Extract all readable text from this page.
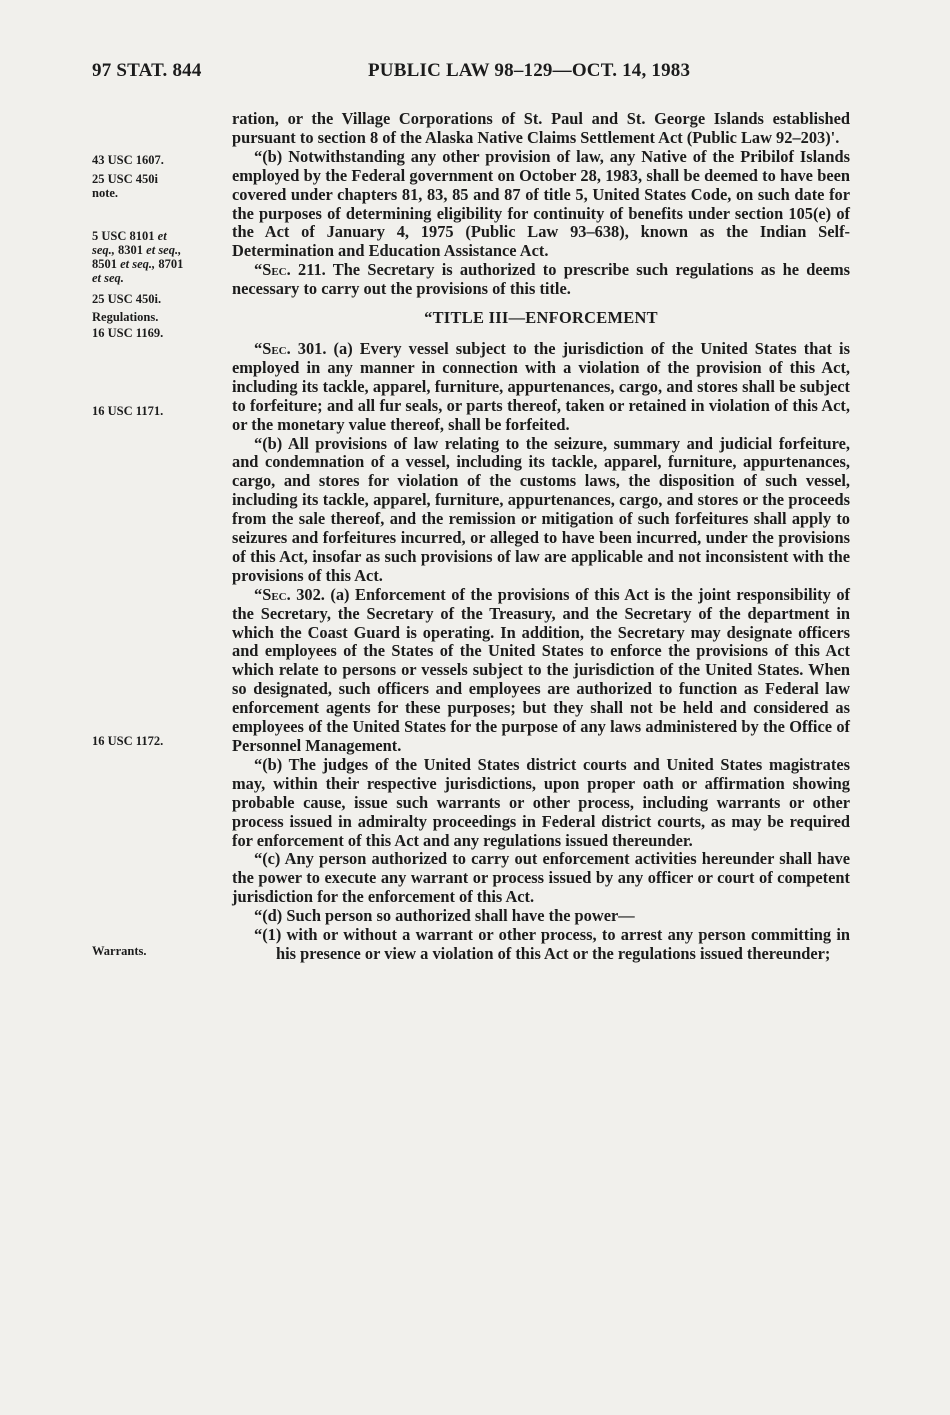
97 STAT. 844	PUBLIC LAW 98–129—OCT. 14, 1983
43 USC 1607.
25 USC 450i
note.
5 USC 8101 et
seq., 8301 et seq.,
8501 et seq., 8701
et seq.
25 USC 450i.
Regulations.
16 USC 1169.
16 USC 1171.
16 USC 1172.
Warrants.

ration, or the Village Corporations of St. Paul and St. George Islands established pursuant to section 8 of the Alaska Native Claims Settlement Act (Public Law 92–203)'.

“(b) Notwithstanding any other provision of law, any Native of the Pribilof Islands employed by the Federal government on October 28, 1983, shall be deemed to have been covered under chapters 81, 83, 85 and 87 of title 5, United States Code, on such date for the purposes of determining eligibility for continuity of benefits under section 105(e) of the Act of January 4, 1975 (Public Law 93–638), known as the Indian Self-Determination and Education Assistance Act.

“Sec. 211. The Secretary is authorized to prescribe such regulations as he deems necessary to carry out the provisions of this title.

“TITLE III—ENFORCEMENT

“Sec. 301. (a) Every vessel subject to the jurisdiction of the United States that is employed in any manner in connection with a violation of the provision of this Act, including its tackle, apparel, furniture, appurtenances, cargo, and stores shall be subject to forfeiture; and all fur seals, or parts thereof, taken or retained in violation of this Act, or the monetary value thereof, shall be forfeited.

“(b) All provisions of law relating to the seizure, summary and judicial forfeiture, and condemnation of a vessel, including its tackle, apparel, furniture, appurtenances, cargo, and stores for violation of the customs laws, the disposition of such vessel, including its tackle, apparel, furniture, appurtenances, cargo, and stores or the proceeds from the sale thereof, and the remission or mitigation of such forfeitures shall apply to seizures and forfeitures incurred, or alleged to have been incurred, under the provisions of this Act, insofar as such provisions of law are applicable and not inconsistent with the provisions of this Act.

“Sec. 302. (a) Enforcement of the provisions of this Act is the joint responsibility of the Secretary, the Secretary of the Treasury, and the Secretary of the department in which the Coast Guard is operating. In addition, the Secretary may designate officers and employees of the States of the United States to enforce the provisions of this Act which relate to persons or vessels subject to the jurisdiction of the United States. When so designated, such officers and employees are authorized to function as Federal law enforcement agents for these purposes; but they shall not be held and considered as employees of the United States for the purpose of any laws administered by the Office of Personnel Management.

“(b) The judges of the United States district courts and United States magistrates may, within their respective jurisdictions, upon proper oath or affirmation showing probable cause, issue such warrants or other process, including warrants or other process issued in admiralty proceedings in Federal district courts, as may be required for enforcement of this Act and any regulations issued thereunder.

“(c) Any person authorized to carry out enforcement activities hereunder shall have the power to execute any warrant or process issued by any officer or court of competent jurisdiction for the enforcement of this Act.

“(d) Such person so authorized shall have the power—

“(1) with or without a warrant or other process, to arrest any person committing in his presence or view a violation of this Act or the regulations issued thereunder;
